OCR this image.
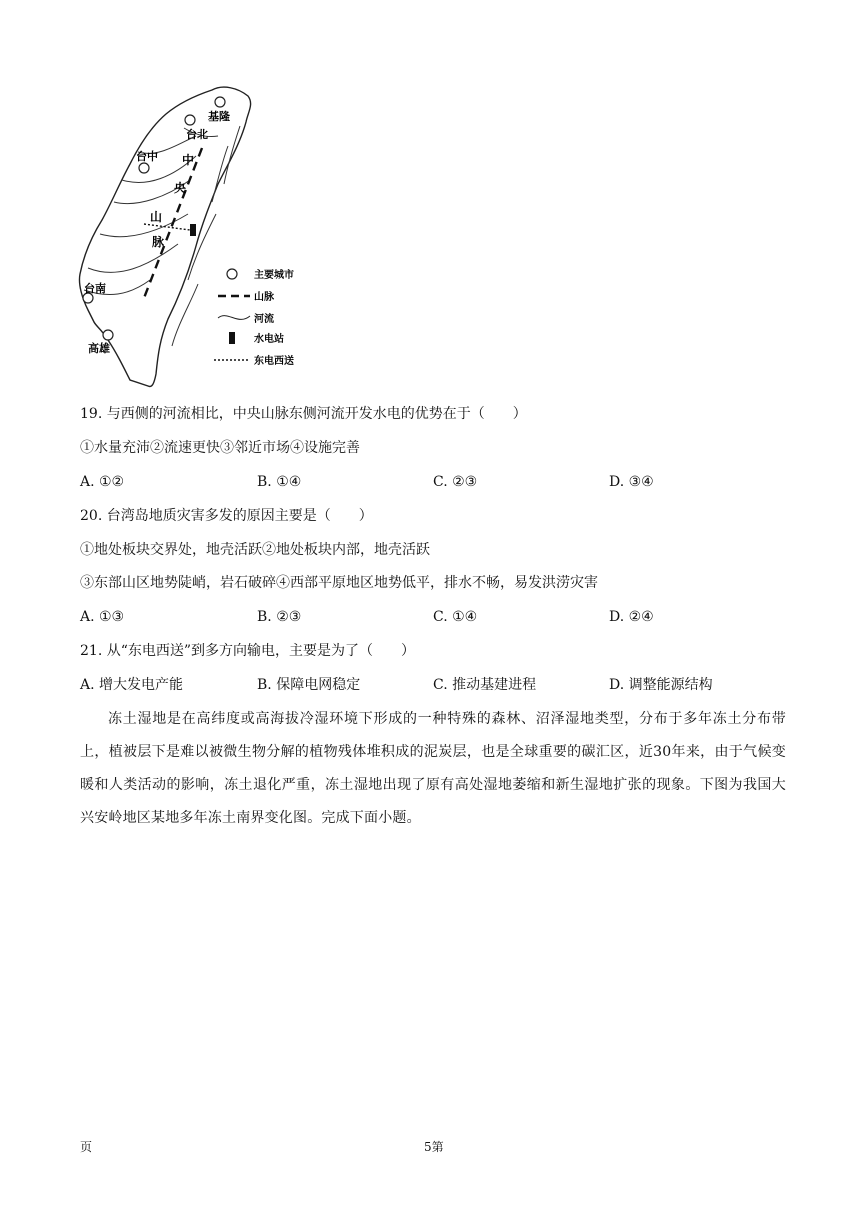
基隆
台北
台中
台南
高雄
中
央
山
脉
主要城市
山脉
河流
水电站
东电西送
19. 与西侧的河流相比，中央山脉东侧河流开发水电的优势在于（　　）
①水量充沛②流速更快③邻近市场④设施完善
A. ①②	B. ①④	C. ②③	D. ③④
20. 台湾岛地质灾害多发的原因主要是（　　）
①地处板块交界处，地壳活跃②地处板块内部，地壳活跃
③东部山区地势陡峭，岩石破碎④西部平原地区地势低平，排水不畅，易发洪涝灾害
A. ①③	B. ②③	C. ①④	D. ②④
21. 从“东电西送”到多方向输电，主要是为了（　　）
A. 增大发电产能	B. 保障电网稳定	C. 推动基建进程	D. 调整能源结构

冻土湿地是在高纬度或高海拔冷湿环境下形成的一种特殊的森林、沼泽湿地类型，分布于多年冻土分布带上，植被层下是难以被微生物分解的植物残体堆积成的泥炭层，也是全球重要的碳汇区，近30年来，由于气候变暖和人类活动的影响，冻土退化严重，冻土湿地出现了原有高处湿地萎缩和新生湿地扩张的现象。下图为我国大兴安岭地区某地多年冻土南界变化图。完成下面小题。

页	5第
